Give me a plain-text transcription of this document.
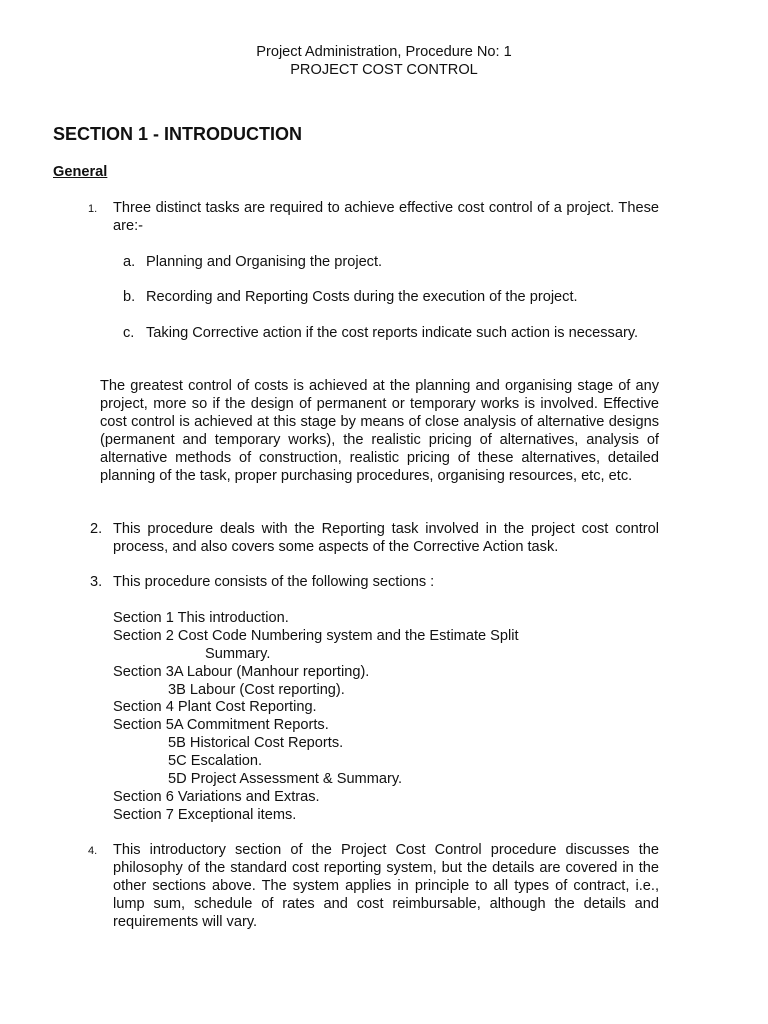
Project Administration, Procedure No: 1
PROJECT COST CONTROL
SECTION 1 - INTRODUCTION
General
1. Three distinct tasks are required to achieve effective cost control of a project. These are:-
a. Planning and Organising the project.
b. Recording and Reporting Costs during the execution of the project.
c. Taking Corrective action if the cost reports indicate such action is necessary.
The greatest control of costs is achieved at the planning and organising stage of any project, more so if the design of permanent or temporary works is involved. Effective cost control is achieved at this stage by means of close analysis of alternative designs (permanent and temporary works), the realistic pricing of alternatives, analysis of alternative methods of construction, realistic pricing of these alternatives, detailed planning of the task, proper purchasing procedures, organising resources, etc, etc.
2. This procedure deals with the Reporting task involved in the project cost control process, and also covers some aspects of the Corrective Action task.
3. This procedure consists of the following sections :
Section 1 This introduction.
Section 2 Cost Code Numbering system and the Estimate Split
Summary.
Section 3A Labour (Manhour reporting).
3B Labour (Cost reporting).
Section 4 Plant Cost Reporting.
Section 5A Commitment Reports.
5B Historical Cost Reports.
5C Escalation.
5D Project Assessment & Summary.
Section 6 Variations and Extras.
Section 7 Exceptional items.
4. This introductory section of the Project Cost Control procedure discusses the philosophy of the standard cost reporting system, but the details are covered in the other sections above. The system applies in principle to all types of contract, i.e., lump sum, schedule of rates and cost reimbursable, although the details and requirements will vary.
